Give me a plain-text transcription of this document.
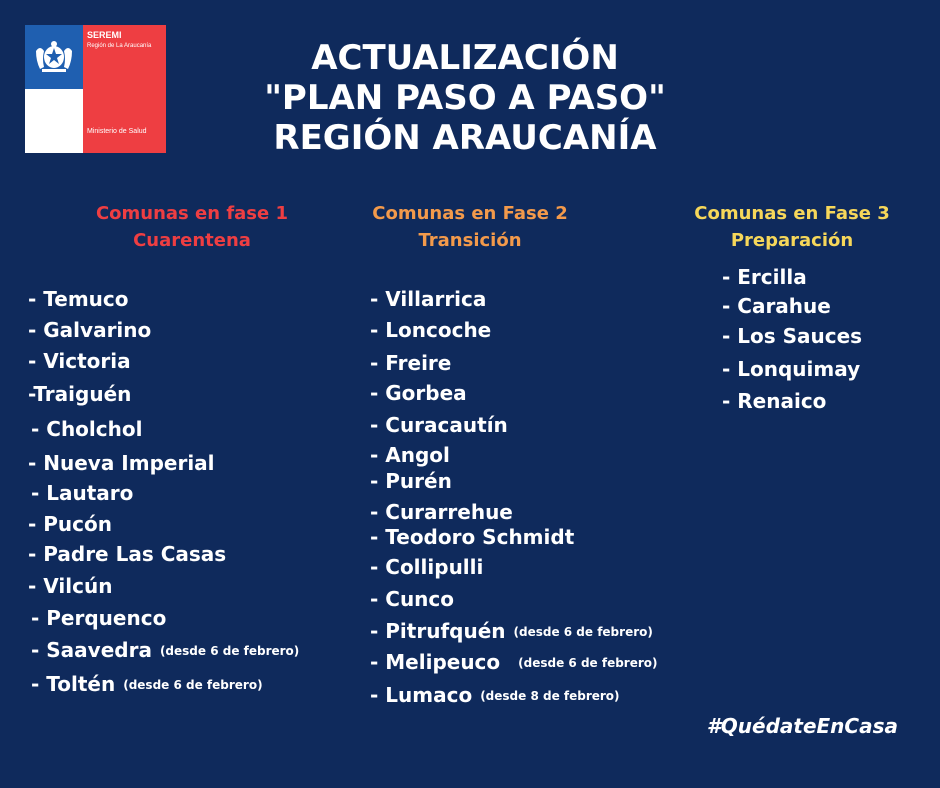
SEREMI
Región de La Araucanía
Ministerio de Salud
ACTUALIZACIÓN
"PLAN PASO A PASO"
REGIÓN ARAUCANÍA
Comunas en fase 1
Cuarentena
Comunas en Fase 2
Transición
Comunas en Fase 3
Preparación
- Temuco
- Galvarino
- Victoria
-Traiguén
- Cholchol
- Nueva Imperial
- Lautaro
- Pucón
- Padre Las Casas
- Vilcún
- Perquenco
- Saavedra (desde 6 de febrero)
- Toltén (desde 6 de febrero)
- Villarrica
- Loncoche
- Freire
- Gorbea
- Curacautín
- Angol
- Purén
- Curarrehue
- Teodoro Schmidt
- Collipulli
- Cunco
- Pitrufquén (desde 6 de febrero)
- Melipeuco (desde 6 de febrero)
- Lumaco (desde 8 de febrero)
- Ercilla
- Carahue
- Los Sauces
- Lonquimay
- Renaico
#QuédateEnCasa
